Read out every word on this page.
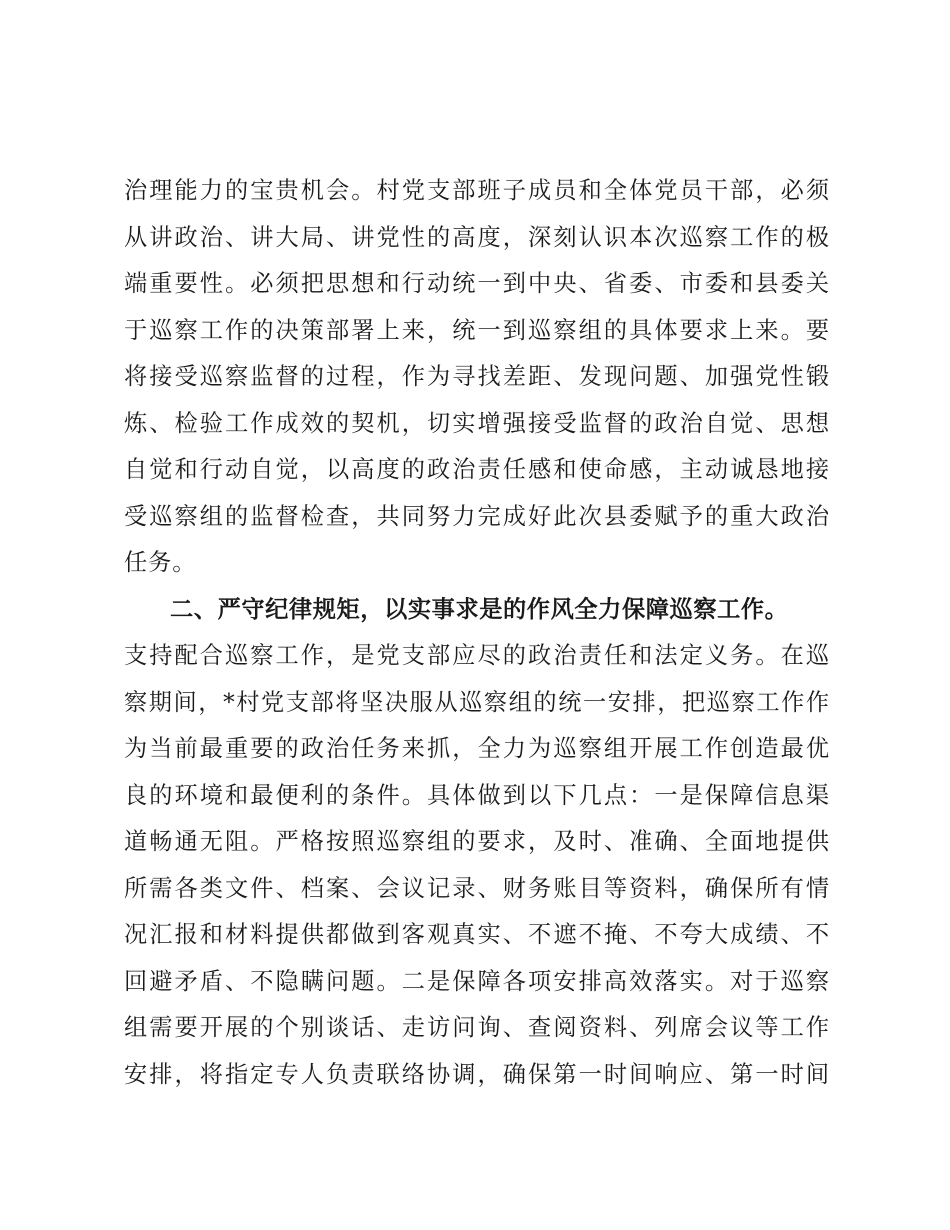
治理能力的宝贵机会。村党支部班子成员和全体党员干部，必须
从讲政治、讲大局、讲党性的高度，深刻认识本次巡察工作的极
端重要性。必须把思想和行动统一到中央、省委、市委和县委关
于巡察工作的决策部署上来，统一到巡察组的具体要求上来。要
将接受巡察监督的过程，作为寻找差距、发现问题、加强党性锻
炼、检验工作成效的契机，切实增强接受监督的政治自觉、思想
自觉和行动自觉，以高度的政治责任感和使命感，主动诚恳地接
受巡察组的监督检查，共同努力完成好此次县委赋予的重大政治
任务。
二、严守纪律规矩，以实事求是的作风全力保障巡察工作。
支持配合巡察工作，是党支部应尽的政治责任和法定义务。在巡
察期间，*村党支部将坚决服从巡察组的统一安排，把巡察工作作
为当前最重要的政治任务来抓，全力为巡察组开展工作创造最优
良的环境和最便利的条件。具体做到以下几点：一是保障信息渠
道畅通无阻。严格按照巡察组的要求，及时、准确、全面地提供
所需各类文件、档案、会议记录、财务账目等资料，确保所有情
况汇报和材料提供都做到客观真实、不遮不掩、不夸大成绩、不
回避矛盾、不隐瞒问题。二是保障各项安排高效落实。对于巡察
组需要开展的个别谈话、走访问询、查阅资料、列席会议等工作
安排，将指定专人负责联络协调，确保第一时间响应、第一时间
